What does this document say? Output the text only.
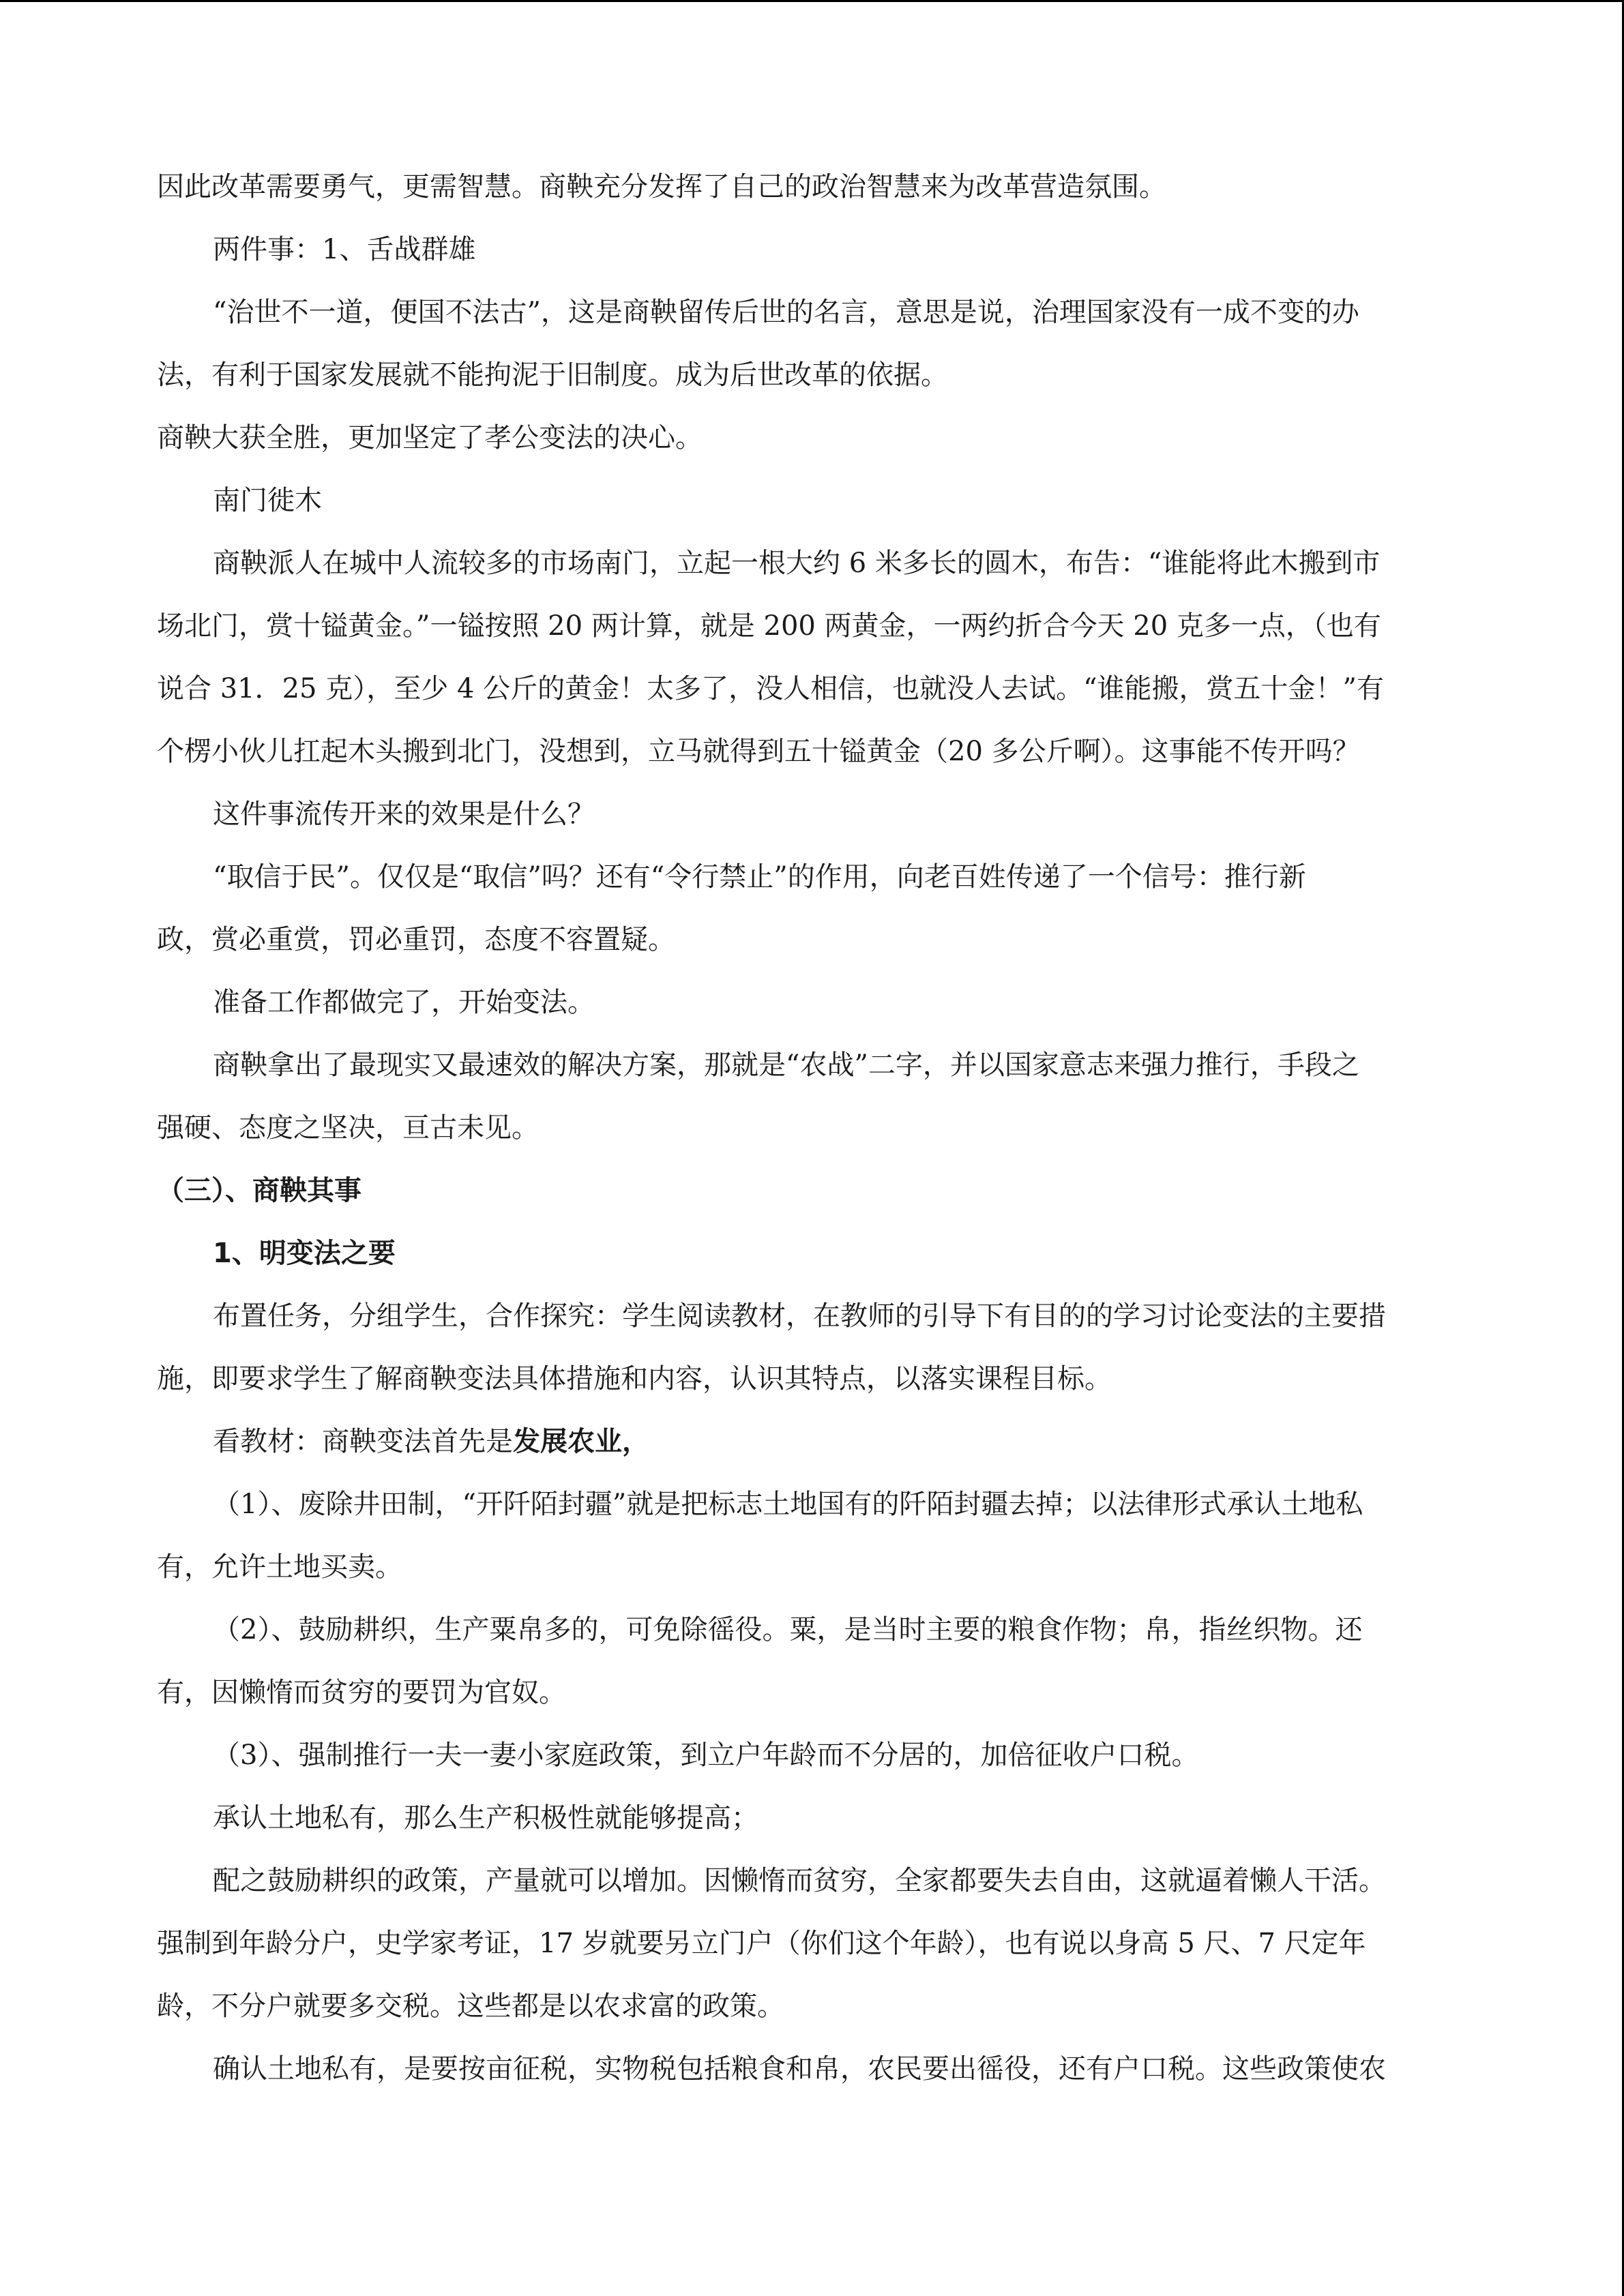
因此改革需要勇气，更需智慧。商鞅充分发挥了自己的政治智慧来为改革营造氛围。

两件事：1、舌战群雄

“治世不一道，便国不法古”，这是商鞅留传后世的名言，意思是说，治理国家没有一成不变的办

法，有利于国家发展就不能拘泥于旧制度。成为后世改革的依据。

商鞅大获全胜，更加坚定了孝公变法的决心。

南门徙木

商鞅派人在城中人流较多的市场南门，立起一根大约 6 米多长的圆木，布告：“谁能将此木搬到市

场北门，赏十镒黄金。”一镒按照 20 两计算，就是 200 两黄金，一两约折合今天 20 克多一点，（也有

说合 31．25 克），至少 4 公斤的黄金！太多了，没人相信，也就没人去试。“谁能搬，赏五十金！”有

个楞小伙儿扛起木头搬到北门，没想到，立马就得到五十镒黄金（20 多公斤啊）。这事能不传开吗？

这件事流传开来的效果是什么？

“取信于民”。仅仅是“取信”吗？还有“令行禁止”的作用，向老百姓传递了一个信号：推行新

政，赏必重赏，罚必重罚，态度不容置疑。

准备工作都做完了，开始变法。

商鞅拿出了最现实又最速效的解决方案，那就是“农战”二字，并以国家意志来强力推行，手段之

强硬、态度之坚决，亘古未见。

（三）、商鞅其事

1、明变法之要

布置任务，分组学生，合作探究：学生阅读教材，在教师的引导下有目的的学习讨论变法的主要措

施，即要求学生了解商鞅变法具体措施和内容，认识其特点，以落实课程目标。

看教材：商鞅变法首先是发展农业，

（1）、废除井田制，“开阡陌封疆”就是把标志土地国有的阡陌封疆去掉；以法律形式承认土地私

有，允许土地买卖。

（2）、鼓励耕织，生产粟帛多的，可免除徭役。粟，是当时主要的粮食作物；帛，指丝织物。还

有，因懒惰而贫穷的要罚为官奴。

（3）、强制推行一夫一妻小家庭政策，到立户年龄而不分居的，加倍征收户口税。

承认土地私有，那么生产积极性就能够提高；

配之鼓励耕织的政策，产量就可以增加。因懒惰而贫穷，全家都要失去自由，这就逼着懒人干活。

强制到年龄分户，史学家考证，17 岁就要另立门户（你们这个年龄），也有说以身高 5 尺、7 尺定年

龄，不分户就要多交税。这些都是以农求富的政策。

确认土地私有，是要按亩征税，实物税包括粮食和帛，农民要出徭役，还有户口税。这些政策使农
